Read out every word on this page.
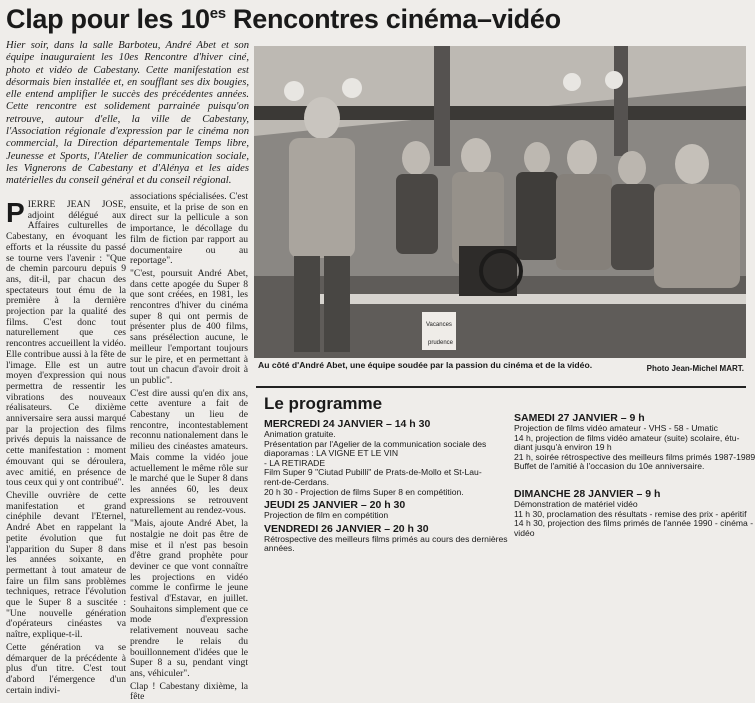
Clap pour les $10^{es}$ Rencontres cinéma–vidéo
Hier soir, dans la salle Barboteu, André Abet et son équipe inauguraient les 10es Rencontre d'hiver ciné, photo et vidéo de Cabestany. Cette manifestation est désormais bien installée et, en soufflant ses dix bougies, elle entend amplifier le succès des précédentes années. Cette rencontre est solidement parrainée puisqu'on retrouve, autour d'elle, la ville de Cabestany, l'Association régionale d'expression par le cinéma non commercial, la Direction départementale Temps libre, Jeunesse et Sports, l'Atelier de communication sociale, les Vignerons de Cabestany et d'Alénya et les aides matérielles du conseil général et du conseil régional.

PIERRE JEAN JOSE, adjoint délégué aux Affaires culturelles de Cabestany, en évoquant les efforts et la réussite du passé se tourne vers l'avenir : "Que de chemin parcouru depuis 9 ans, dit-il, par chacun des spectateurs tout ému de la première à la dernière projection par la qualité des films. C'est donc tout naturellement que ces rencontres accueillent la vidéo. Elle contribue aussi à la fête de l'image. Elle est un autre moyen d'expression qui nous permettra de ressentir les vibrations des nouveaux réalisateurs. Ce dixième anniversaire sera aussi marqué par la projection des films privés depuis la naissance de cette manifestation : moment émouvant qui se déroulera, avec amitié, en présence de tous ceux qui y ont contribué".

Cheville ouvrière de cette manifestation et grand cinéphile devant l'Eternel, André Abet en rappelant la petite évolution que fut l'apparition du Super 8 dans les années soixante, en permettant à tout amateur de faire un film sans problèmes techniques, retrace l'évolution que le Super 8 a suscitée : "Une nouvelle génération d'opérateurs cinéastes va naître, explique-t-il.

Cette génération va se démarquer de la précédente à plus d'un titre. C'est tout d'abord l'émergence d'un certain indivi-

associations spécialisées. C'est ensuite, et la prise de son en direct sur la pellicule a son importance, le décollage du film de fiction par rapport au documentaire ou au reportage".

"C'est, poursuit André Abet, dans cette apogée du Super 8 que sont créées, en 1981, les rencontres d'hiver du cinéma super 8 qui ont permis de présenter plus de 400 films, sans présélection aucune, le meilleur l'emportant toujours sur le pire, et en permettant à tout un chacun d'avoir droit à un public".

C'est dire aussi qu'en dix ans, cette aventure a fait de Cabestany un lieu de rencontre, incontestablement reconnu nationalement dans le milieu des cinéastes amateurs. Mais comme la vidéo joue actuellement le même rôle sur le marché que le Super 8 dans les années 60, les deux expressions se retrouvent naturellement au rendez-vous.

"Mais, ajoute André Abet, la nostalgie ne doit pas être de mise et il n'est pas besoin d'être grand prophète pour deviner ce que vont connaître les projections en vidéo comme le confirme le jeune festival d'Estavar, en juillet. Souhaitons simplement que ce mode d'expression relativement nouveau sache prendre le relais du bouillonnement d'idées que le Super 8 a su, pendant vingt ans, véhiculer".

Clap ! Cabestany dixième, la fête

Vacances
prudence
Au côté d'André Abet, une équipe soudée par la passion du cinéma et de la vidéo.	Photo Jean-Michel MART.
Le programme
MERCREDI 24 JANVIER – 14 h 30
Animation gratuite.
Présentation par l'Agelier de la communication sociale des
diaporamas : LA VIGNE ET LE VIN
- LA RETIRADE
Film Super 9 "Ciutad Pubilli" de Prats-de-Mollo et St-Lau-
rent-de-Cerdans.
20 h 30 - Projection de films Super 8 en compétition.
JEUDI 25 JANVIER – 20 h 30
Projection de film en compétition
VENDREDI 26 JANVIER – 20 h 30
Rétrospective des meilleurs films primés au cours des dernières
années.
SAMEDI 27 JANVIER – 9 h
Projection de films vidéo amateur - VHS - 58 - Umatic
14 h, projection de films vidéo amateur (suite) scolaire, étu-
diant jusqu'à environ 19 h
21 h, soirée rétrospective des meilleurs films primés 1987-1989
Buffet de l'amitié à l'occasion du 10e anniversaire.
DIMANCHE 28 JANVIER – 9 h
Démonstration de matériel vidéo
11 h 30, proclamation des résultats - remise des prix - apéritif
14 h 30, projection des films primés de l'année 1990 - cinéma -
vidéo
